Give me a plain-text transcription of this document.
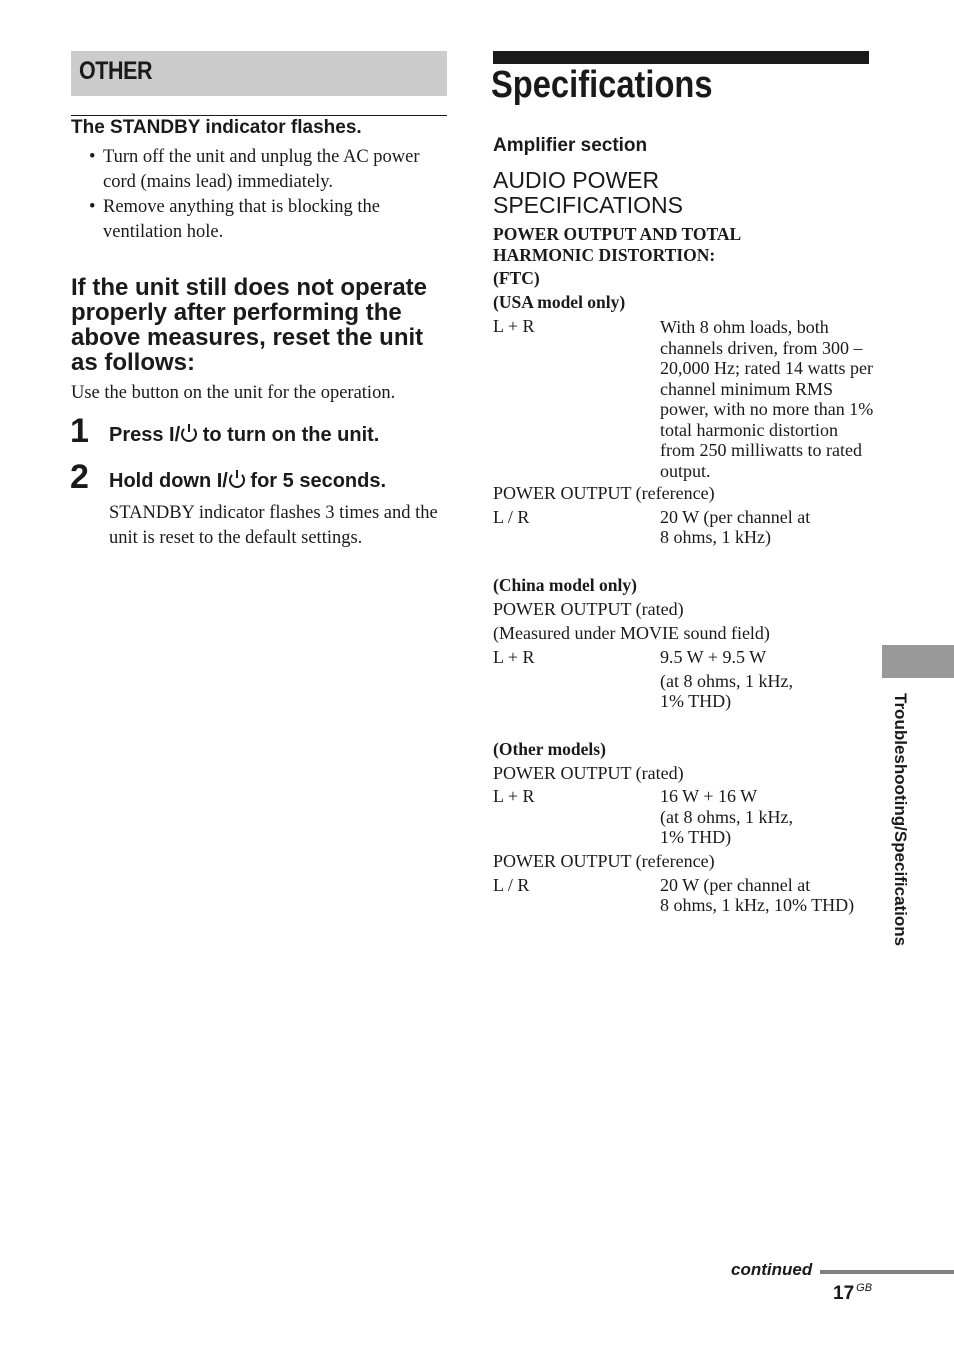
OTHER
The STANDBY indicator flashes.
• Turn off the unit and unplug the AC power cord (mains lead) immediately.
• Remove anything that is blocking the ventilation hole.
If the unit still does not operate properly after performing the above measures, reset the unit as follows:
Use the button on the unit for the operation.
1 Press I/ to turn on the unit.
2 Hold down I/ for 5 seconds.
STANDBY indicator flashes 3 times and the unit is reset to the default settings.
Specifications
Amplifier section
AUDIO POWER SPECIFICATIONS
POWER OUTPUT AND TOTAL HARMONIC DISTORTION:
(FTC)
(USA model only)
L + R	With 8 ohm loads, both channels driven, from 300 – 20,000 Hz; rated 14 watts per channel minimum RMS power, with no more than 1% total harmonic distortion from 250 milliwatts to rated output.
POWER OUTPUT (reference)
L / R	20 W (per channel at
8 ohms, 1 kHz)
(China model only)
POWER OUTPUT (rated)
(Measured under MOVIE sound field)
L + R	9.5 W + 9.5 W
(at 8 ohms, 1 kHz,
1% THD)
(Other models)
POWER OUTPUT (rated)
L + R	16 W + 16 W
(at 8 ohms, 1 kHz,
1% THD)
POWER OUTPUT (reference)
L / R	20 W (per channel at
8 ohms, 1 kHz, 10% THD) Troubleshooting/Specifications
continued
17 $^{GB}$
